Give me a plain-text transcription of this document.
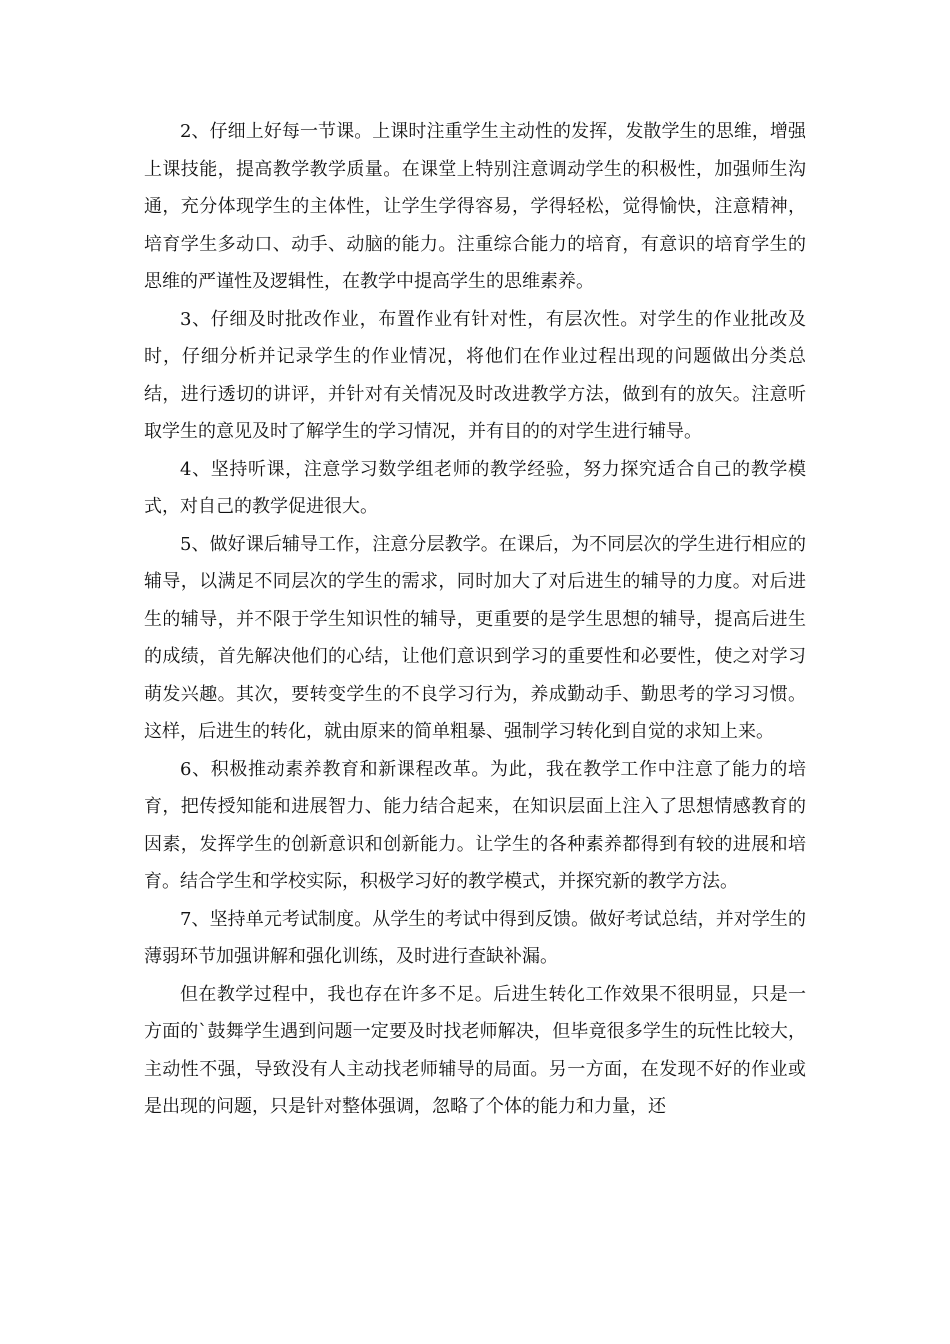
2、仔细上好每一节课。上课时注重学生主动性的发挥，发散学生的思维，增强上课技能，提高教学教学质量。在课堂上特别注意调动学生的积极性，加强师生沟通，充分体现学生的主体性，让学生学得容易，学得轻松，觉得愉快，注意精神，培育学生多动口、动手、动脑的能力。注重综合能力的培育，有意识的培育学生的思维的严谨性及逻辑性，在教学中提高学生的思维素养。

3、仔细及时批改作业，布置作业有针对性，有层次性。对学生的作业批改及时，仔细分析并记录学生的作业情况，将他们在作业过程出现的问题做出分类总结，进行透切的讲评，并针对有关情况及时改进教学方法，做到有的放矢。注意听取学生的意见及时了解学生的学习情况，并有目的的对学生进行辅导。

4、坚持听课，注意学习数学组老师的教学经验，努力探究适合自己的教学模式，对自己的教学促进很大。

5、做好课后辅导工作，注意分层教学。在课后，为不同层次的学生进行相应的辅导，以满足不同层次的学生的需求，同时加大了对后进生的辅导的力度。对后进生的辅导，并不限于学生知识性的辅导，更重要的是学生思想的辅导，提高后进生的成绩，首先解决他们的心结，让他们意识到学习的重要性和必要性，使之对学习萌发兴趣。其次，要转变学生的不良学习行为，养成勤动手、勤思考的学习习惯。这样，后进生的转化，就由原来的简单粗暴、强制学习转化到自觉的求知上来。

6、积极推动素养教育和新课程改革。为此，我在教学工作中注意了能力的培育，把传授知能和进展智力、能力结合起来，在知识层面上注入了思想情感教育的因素，发挥学生的创新意识和创新能力。让学生的各种素养都得到有较的进展和培育。结合学生和学校实际，积极学习好的教学模式，并探究新的教学方法。

7、坚持单元考试制度。从学生的考试中得到反馈。做好考试总结，并对学生的薄弱环节加强讲解和强化训练，及时进行查缺补漏。

但在教学过程中，我也存在许多不足。后进生转化工作效果不很明显，只是一方面的`鼓舞学生遇到问题一定要及时找老师解决，但毕竟很多学生的玩性比较大，主动性不强，导致没有人主动找老师辅导的局面。另一方面，在发现不好的作业或是出现的问题，只是针对整体强调，忽略了个体的能力和力量，还
